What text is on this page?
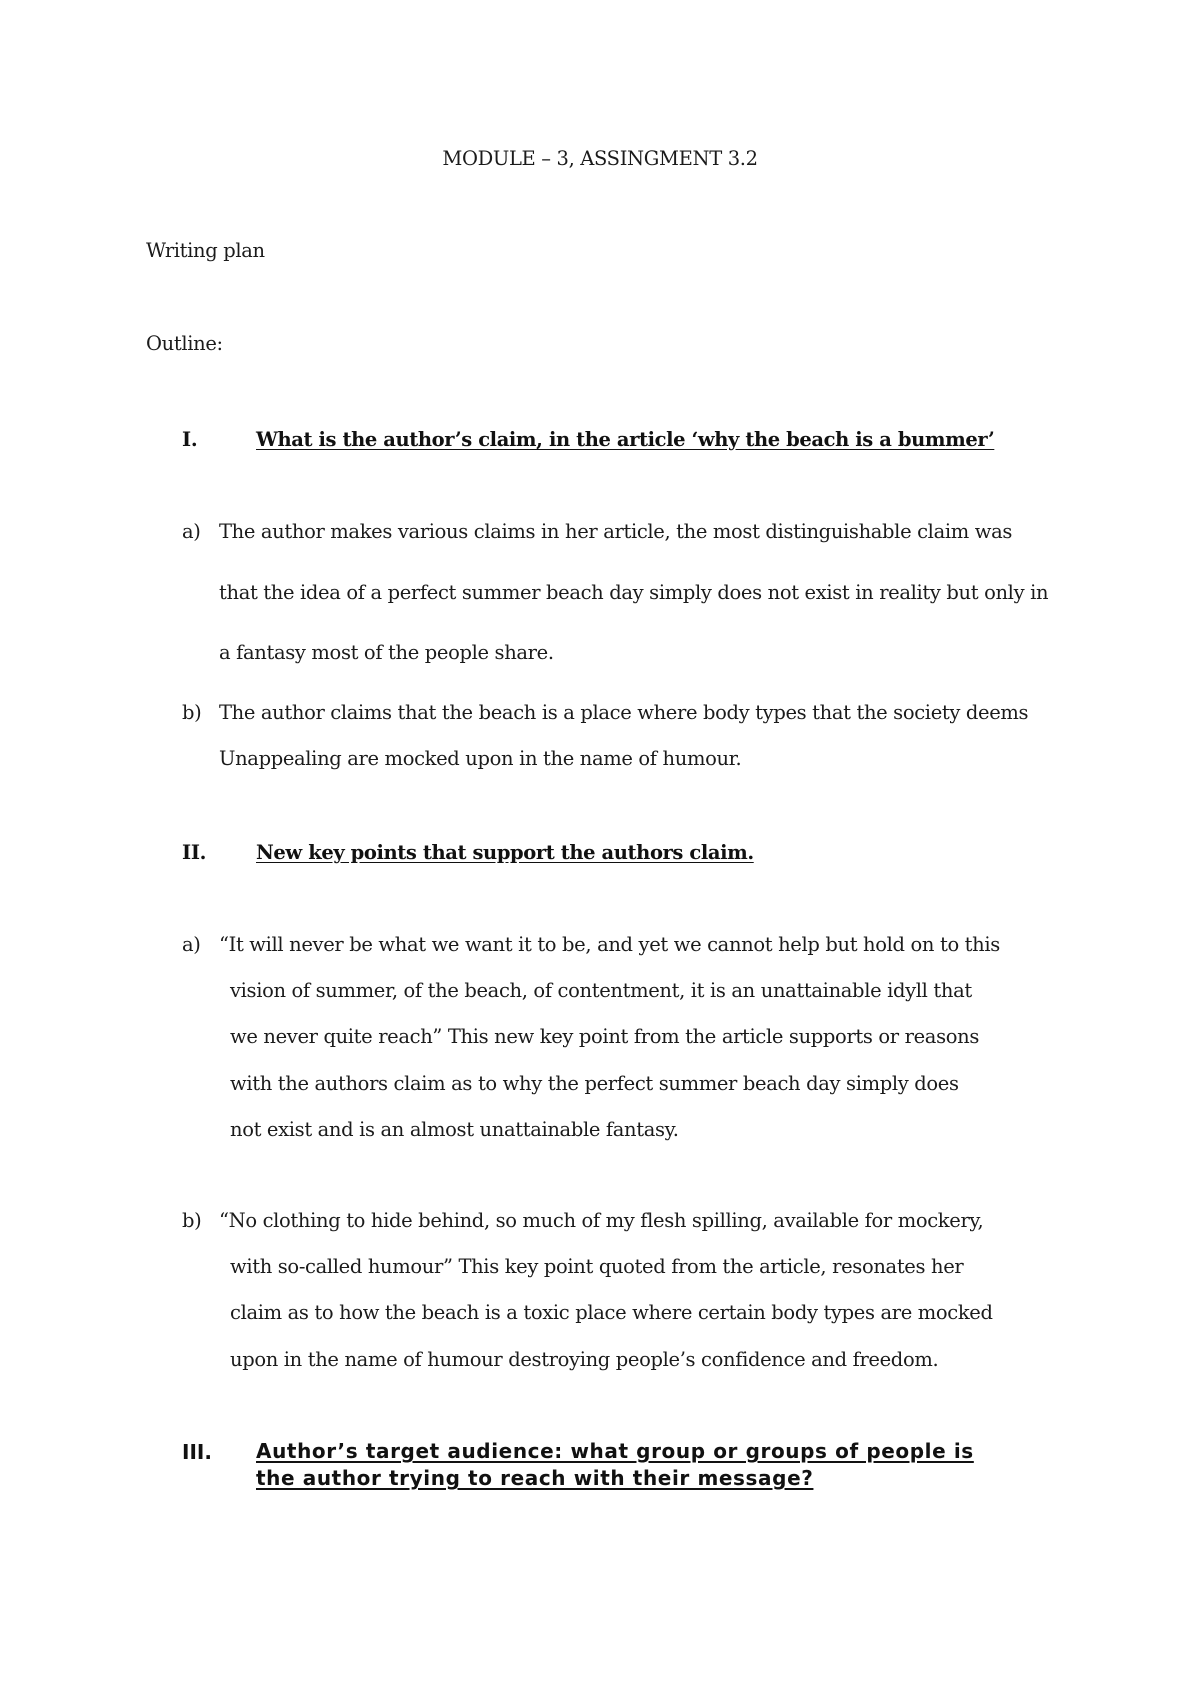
MODULE – 3, ASSINGMENT 3.2
Writing plan
Outline:
I.	What is the author’s claim, in the article ‘why the beach is a bummer’
a) The author makes various claims in her article, the most distinguishable claim was
that the idea of a perfect summer beach day simply does not exist in reality but only in
a fantasy most of the people share.
b) The author claims that the beach is a place where body types that the society deems
Unappealing are mocked upon in the name of humour.
II.	New key points that support the authors claim.
a) “It will never be what we want it to be, and yet we cannot help but hold on to this
vision of summer, of the beach, of contentment, it is an unattainable idyll that
we never quite reach” This new key point from the article supports or reasons
with the authors claim as to why the perfect summer beach day simply does
not exist and is an almost unattainable fantasy.
b) “No clothing to hide behind, so much of my flesh spilling, available for mockery,
with so-called humour” This key point quoted from the article, resonates her
claim as to how the beach is a toxic place where certain body types are mocked
upon in the name of humour destroying people’s confidence and freedom.
III. Author’s target audience: what group or groups of people is
the author trying to reach with their message?
